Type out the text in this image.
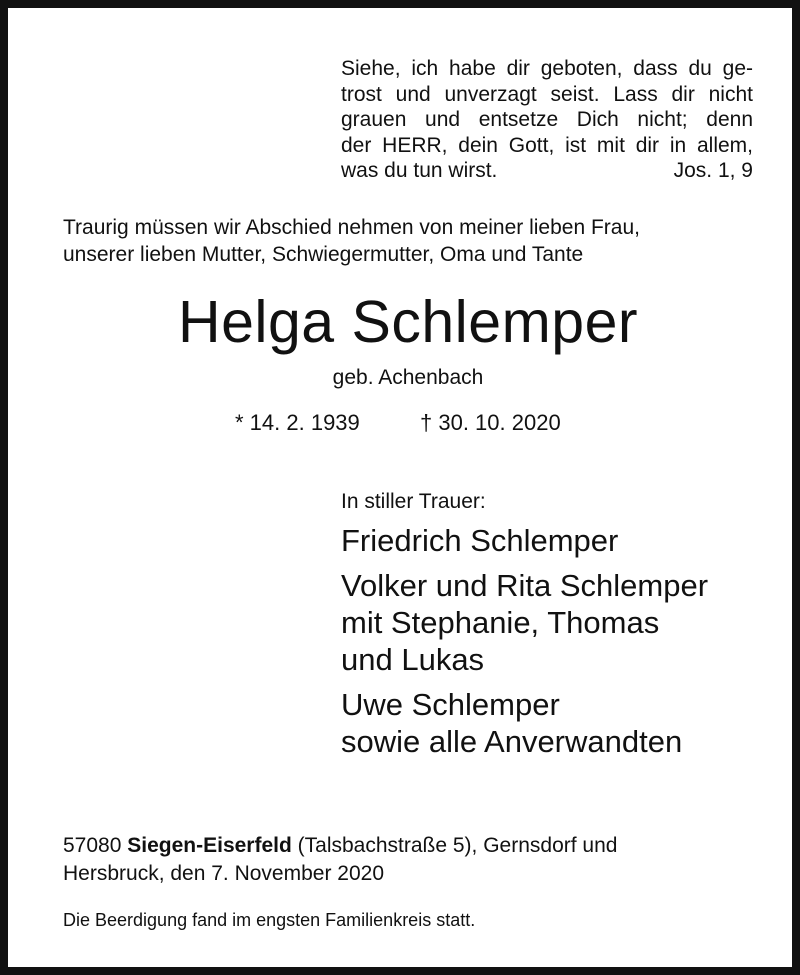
Siehe, ich habe dir geboten, dass du ge-
trost und unverzagt seist. Lass dir nicht
grauen und entsetze Dich nicht; denn
der HERR, dein Gott, ist mit dir in allem,
was du tun wirst.	Jos. 1, 9
Traurig müssen wir Abschied nehmen von meiner lieben Frau,
unserer lieben Mutter, Schwiegermutter, Oma und Tante
Helga Schlemper
geb. Achenbach
* 14. 2. 1939	† 30. 10. 2020
In stiller Trauer:
Friedrich Schlemper
Volker und Rita Schlemper
mit Stephanie, Thomas
und Lukas
Uwe Schlemper
sowie alle Anverwandten
57080 Siegen-Eiserfeld (Talsbachstraße 5), Gernsdorf und
Hersbruck, den 7. November 2020
Die Beerdigung fand im engsten Familienkreis statt.
